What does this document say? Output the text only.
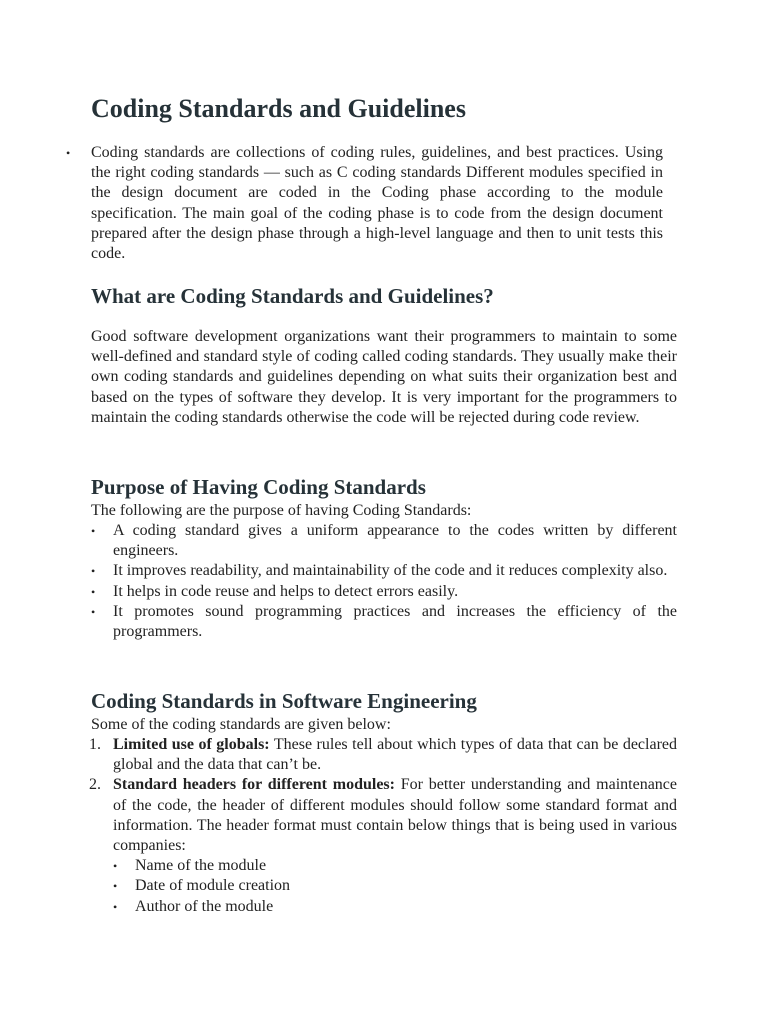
Coding Standards and Guidelines
• Coding standards are collections of coding rules, guidelines, and best practices. Using the right coding standards — such as C coding standards Different modules specified in the design document are coded in the Coding phase according to the module specification. The main goal of the coding phase is to code from the design document prepared after the design phase through a high-level language and then to unit tests this code.

What are Coding Standards and Guidelines?

Good software development organizations want their programmers to maintain to some well-defined and standard style of coding called coding standards. They usually make their own coding standards and guidelines depending on what suits their organization best and based on the types of software they develop. It is very important for the programmers to maintain the coding standards otherwise the code will be rejected during code review.

Purpose of Having Coding Standards

The following are the purpose of having Coding Standards:

•	A coding standard gives a uniform appearance to the codes written by different engineers.
•	It improves readability, and maintainability of the code and it reduces complexity also.
•	It helps in code reuse and helps to detect errors easily.
•	It promotes sound programming practices and increases the efficiency of the programmers.
Coding Standards in Software Engineering

Some of the coding standards are given below:

1. Limited use of globals: These rules tell about which types of data that can be declared global and the data that can’t be.
2. Standard headers for different modules: For better understanding and maintenance of the code, the header of different modules should follow some standard format and information. The header format must contain below things that is being used in various companies:
•	Name of the module
•	Date of module creation
•	Author of the module
